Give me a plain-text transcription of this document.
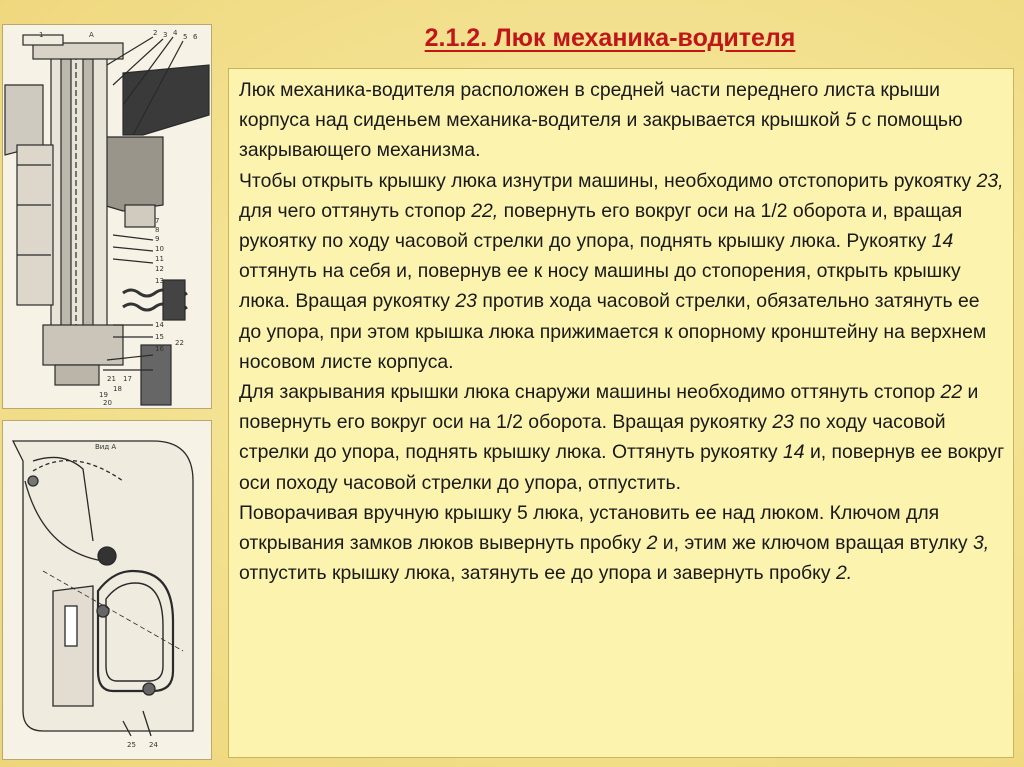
2.1.2. Люк механика-водителя
1	А	2 3 4 5 6
7
8
9
10
11
12
13
14
15
16
17
18
19
20
21
22
Вид А
25 24

Люк механика-водителя расположен в средней части переднего листа крыши корпуса над сиденьем механика-водителя и закрывается крышкой 5 с помощью закрывающего механизма.

Чтобы открыть крышку люка изнутри машины, необходимо отстопорить рукоятку 23, для чего оттянуть стопор 22, повернуть его вокруг оси на 1/2 оборота и, вращая рукоятку по ходу часовой стрелки до упора, поднять крышку люка. Рукоятку 14 оттянуть на себя и, повернув ее к носу машины до стопорения, открыть крышку люка. Вращая рукоятку 23 против хода часовой стрелки, обязательно затянуть ее до упора, при этом крышка люка прижимается к опорному кронштейну на верхнем носовом листе корпуса.

Для закрывания крышки люка снаружи машины необходимо оттянуть стопор 22 и повернуть его вокруг оси на 1/2 оборота. Вращая рукоятку 23 по ходу часовой стрелки до упора, поднять крышку люка. Оттянуть рукоятку 14 и, повернув ее вокруг оси походу часовой стрелки до упора, отпустить.

Поворачивая вручную крышку 5 люка, установить ее над люком. Ключом для открывания замков люков вывернуть пробку 2 и, этим же ключом вращая втулку 3, отпустить крышку люка, затянуть ее до упора и завернуть пробку 2.
